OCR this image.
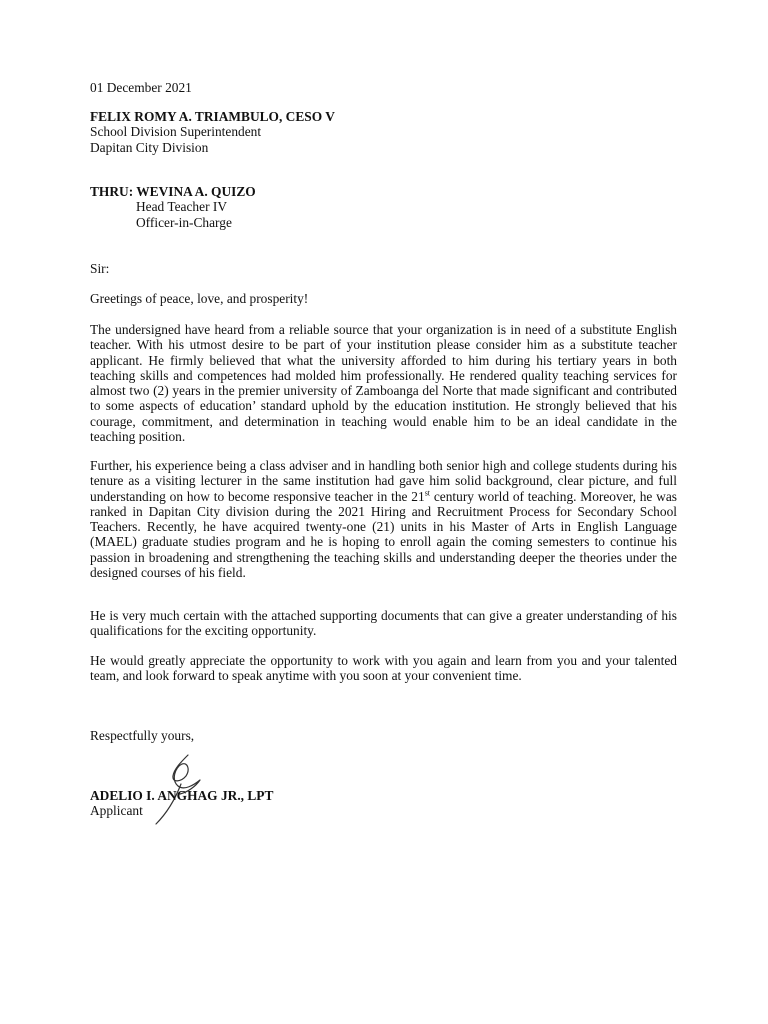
01 December 2021

FELIX ROMY A. TRIAMBULO, CESO V
School Division Superintendent
Dapitan City Division
THRU: WEVINA A. QUIZO
Head Teacher IV
Officer-in-Charge

Sir:

Greetings of peace, love, and prosperity!

The undersigned have heard from a reliable source that your organization is in need of a substitute English teacher. With his utmost desire to be part of your institution please consider him as a substitute teacher applicant. He firmly believed that what the university afforded to him during his tertiary years in both teaching skills and competences had molded him professionally. He rendered quality teaching services for almost two (2) years in the premier university of Zamboanga del Norte that made significant and contributed to some aspects of education’ standard uphold by the education institution. He strongly believed that his courage, commitment, and determination in teaching would enable him to be an ideal candidate in the teaching position.

Further, his experience being a class adviser and in handling both senior high and college students during his tenure as a visiting lecturer in the same institution had gave him solid background, clear picture, and full understanding on how to become responsive teacher in the 21st century world of teaching. Moreover, he was ranked in Dapitan City division during the 2021 Hiring and Recruitment Process for Secondary School Teachers. Recently, he have acquired twenty-one (21) units in his Master of Arts in English Language (MAEL) graduate studies program and he is hoping to enroll again the coming semesters to continue his passion in broadening and strengthening the teaching skills and understanding deeper the theories under the designed courses of his field.

He is very much certain with the attached supporting documents that can give a greater understanding of his qualifications for the exciting opportunity.

He would greatly appreciate the opportunity to work with you again and learn from you and your talented team, and look forward to speak anytime with you soon at your convenient time.

Respectfully yours,

ADELIO I. ANGHAG JR., LPT
Applicant
